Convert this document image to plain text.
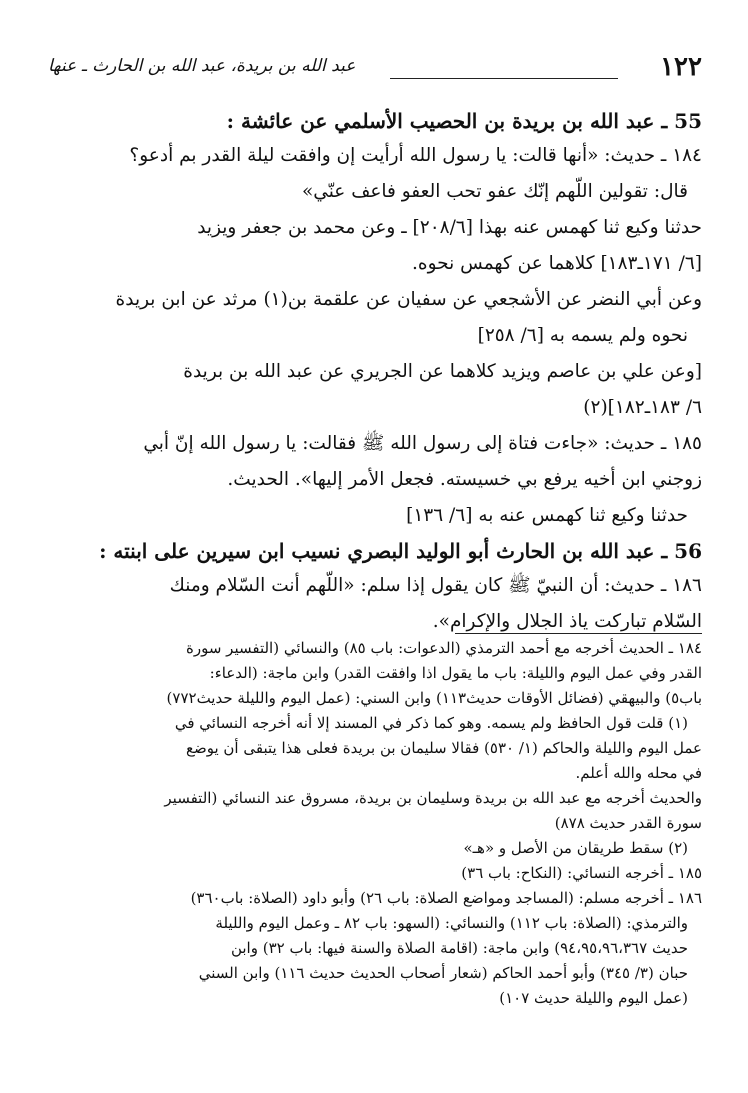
١٢٢
عبد الله بن بريدة، عبد الله بن الحارث ـ عنها

55 ـ عبد الله بن بريدة بن الحصيب الأسلمي عن عائشة :

١٨٤ ـ حديث: «أنها قالت: يا رسول الله أرأيت إن وافقت ليلة القدر بم أدعو؟

قال: تقولين اللّهم إنّك عفو تحب العفو فاعف عنّي»

حدثنا وكيع ثنا كهمس عنه بهذا [٢٠٨/٦] ـ وعن محمد بن جعفر ويزيد

[٦/ ١٧١ـ١٨٣] كلاهما عن كهمس نحوه.

وعن أبي النضر عن الأشجعي عن سفيان عن علقمة بن(١) مرثد عن ابن بريدة

نحوه ولم يسمه به [٦/ ٢٥٨]

[وعن علي بن عاصم ويزيد كلاهما عن الجريري عن عبد الله بن بريدة

٦/ ١٨٣ـ١٨٢](٢)

١٨٥ ـ حديث: «جاءت فتاة إلى رسول الله ﷺ فقالت: يا رسول الله إنّ أبي

زوجني ابن أخيه يرفع بي خسيسته. فجعل الأمر إليها». الحديث.

حدثنا وكيع ثنا كهمس عنه به [٦/ ١٣٦]

56 ـ عبد الله بن الحارث أبو الوليد البصري نسيب ابن سيرين على ابنته :

١٨٦ ـ حديث: أن النبيّ ﷺ كان يقول إذا سلم: «اللّهم أنت السّلام ومنك

السّلام تباركت ياذ الجلال والإكرام».

١٨٤ ـ الحديث أخرجه مع أحمد الترمذي (الدعوات: باب ٨٥) والنسائي (التفسير سورة

القدر وفي عمل اليوم والليلة: باب ما يقول اذا وافقت القدر) وابن ماجة: (الدعاء:

باب٥) والبيهقي (فضائل الأوقات حديث١١٣) وابن السني: (عمل اليوم والليلة حديث٧٧٢)

(١) قلت قول الحافظ ولم يسمه. وهو كما ذكر في المسند إلا أنه أخرجه النسائي في

عمل اليوم والليلة والحاكم (١/ ٥٣٠) فقالا سليمان بن بريدة فعلى هذا يتبقى أن يوضع

في محله والله أعلم.

والحديث أخرجه مع عبد الله بن بريدة وسليمان بن بريدة، مسروق عند النسائي (التفسير

سورة القدر حديث ٨٧٨)

(٢) سقط طريقان من الأصل و «هـ»

١٨٥ ـ أخرجه النسائي: (النكاح: باب ٣٦)

١٨٦ ـ أخرجه مسلم: (المساجد ومواضع الصلاة: باب ٢٦) وأبو داود (الصلاة: باب٣٦٠)

والترمذي: (الصلاة: باب ١١٢) والنسائي: (السهو: باب ٨٢ ـ وعمل اليوم والليلة

حديث ٩٤،٩٥،٩٦،٣٦٧) وابن ماجة: (اقامة الصلاة والسنة فيها: باب ٣٢) وابن

حبان (٣/ ٣٤٥) وأبو أحمد الحاكم (شعار أصحاب الحديث حديث ١١٦) وابن السني

(عمل اليوم والليلة حديث ١٠٧)
